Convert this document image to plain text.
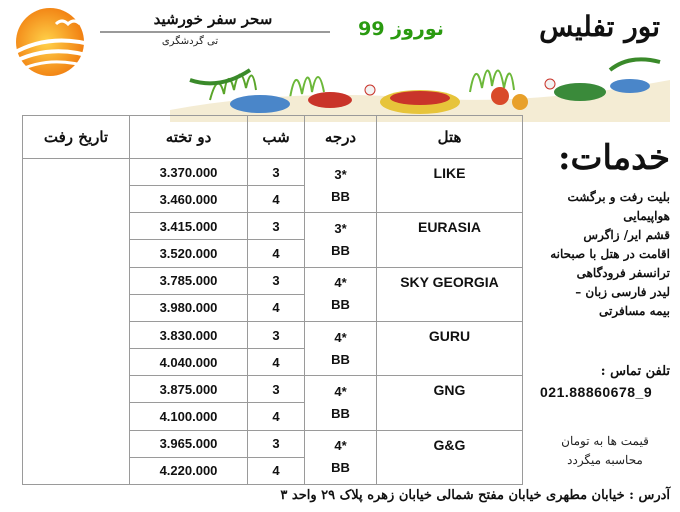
سحر سفر خورشید
تی گردشگری
نوروز 99	تور تفلیس
تاریخ رفت	دو تخته	شب	درجه	هتل
	3.370.000	3	3*
BB	LIKE
	3.460.000	4		
	3.415.000	3	3*
BB	EURASIA
	3.520.000	4		
	3.785.000	3	4*
BB	SKY GEORGIA
	3.980.000	4		
	3.830.000	3	4*
BB	GURU
	4.040.000	4		
	3.875.000	3	4*
BB	GNG
	4.100.000	4		
	3.965.000	3	4*
BB	G&G
	4.220.000	4		
خدمات:
بلیت رفت و برگشت هواپیمایی
قشم ایر/ زاگرس
اقامت در هتل با صبحانه
ترانسفر فرودگاهی
لیدر فارسی زبان –
بیمه مسافرتی
تلفن تماس :
021.88860678_9
قیمت ها به تومان
محاسبه میگردد
آدرس : خیابان مطهری خیابان مفتح شمالی خیابان زهره پلاک ۲۹ واحد ۳
